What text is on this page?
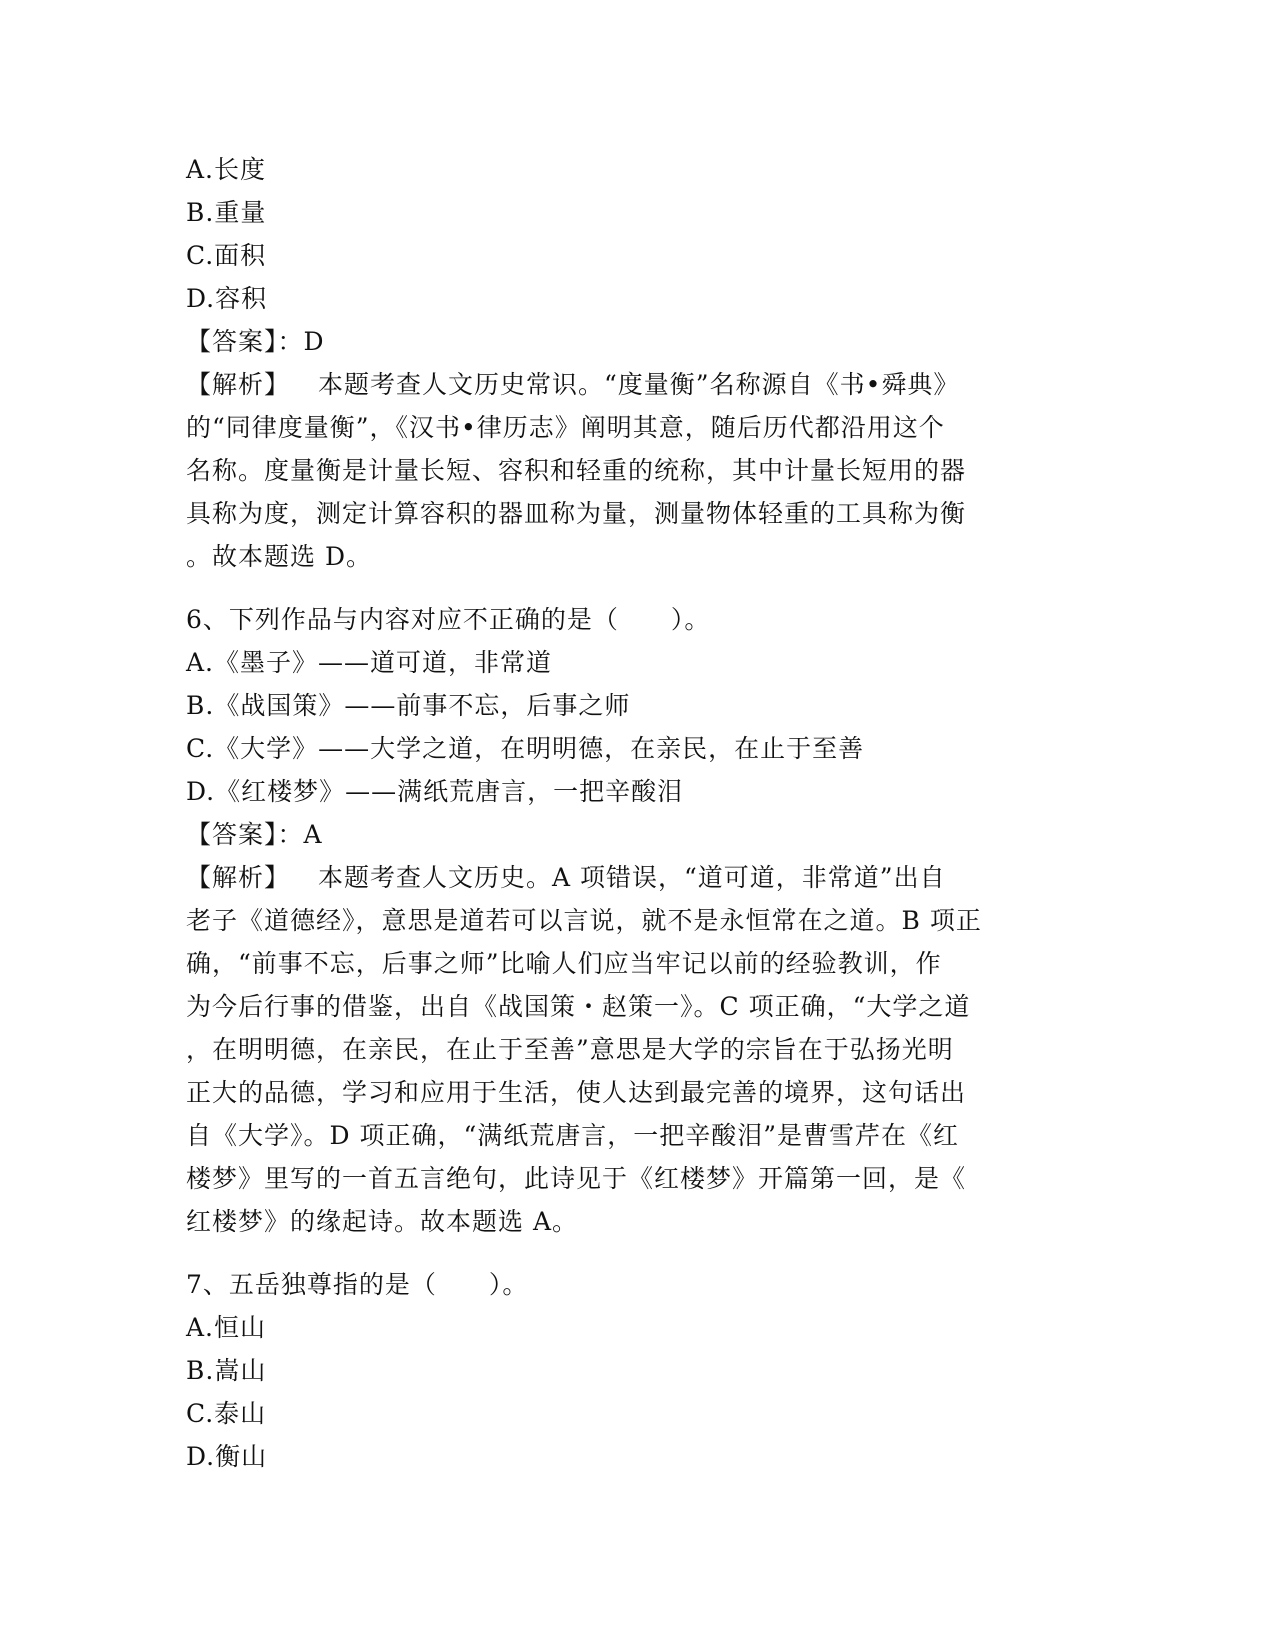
A.长度
B.重量
C.面积
D.容积
【答案】：D
【解析】 本题考查人文历史常识。“度量衡”名称源自《书•舜典》
的“同律度量衡”，《汉书•律历志》阐明其意，随后历代都沿用这个
名称。度量衡是计量长短、容积和轻重的统称，其中计量长短用的器
具称为度，测定计算容积的器皿称为量，测量物体轻重的工具称为衡
。故本题选 D。
6、下列作品与内容对应不正确的是（　　）。
A.《墨子》——道可道，非常道
B.《战国策》——前事不忘，后事之师
C.《大学》——大学之道，在明明德，在亲民，在止于至善
D.《红楼梦》——满纸荒唐言，一把辛酸泪
【答案】：A
【解析】 本题考查人文历史。A 项错误，“道可道，非常道”出自
老子《道德经》，意思是道若可以言说，就不是永恒常在之道。B 项正
确，“前事不忘，后事之师”比喻人们应当牢记以前的经验教训，作
为今后行事的借鉴，出自《战国策・赵策一》。C 项正确，“大学之道
，在明明德，在亲民，在止于至善”意思是大学的宗旨在于弘扬光明
正大的品德，学习和应用于生活，使人达到最完善的境界，这句话出
自《大学》。D 项正确，“满纸荒唐言，一把辛酸泪”是曹雪芹在《红
楼梦》里写的一首五言绝句，此诗见于《红楼梦》开篇第一回，是《
红楼梦》的缘起诗。故本题选 A。
7、五岳独尊指的是（　　）。
A.恒山
B.嵩山
C.泰山
D.衡山
